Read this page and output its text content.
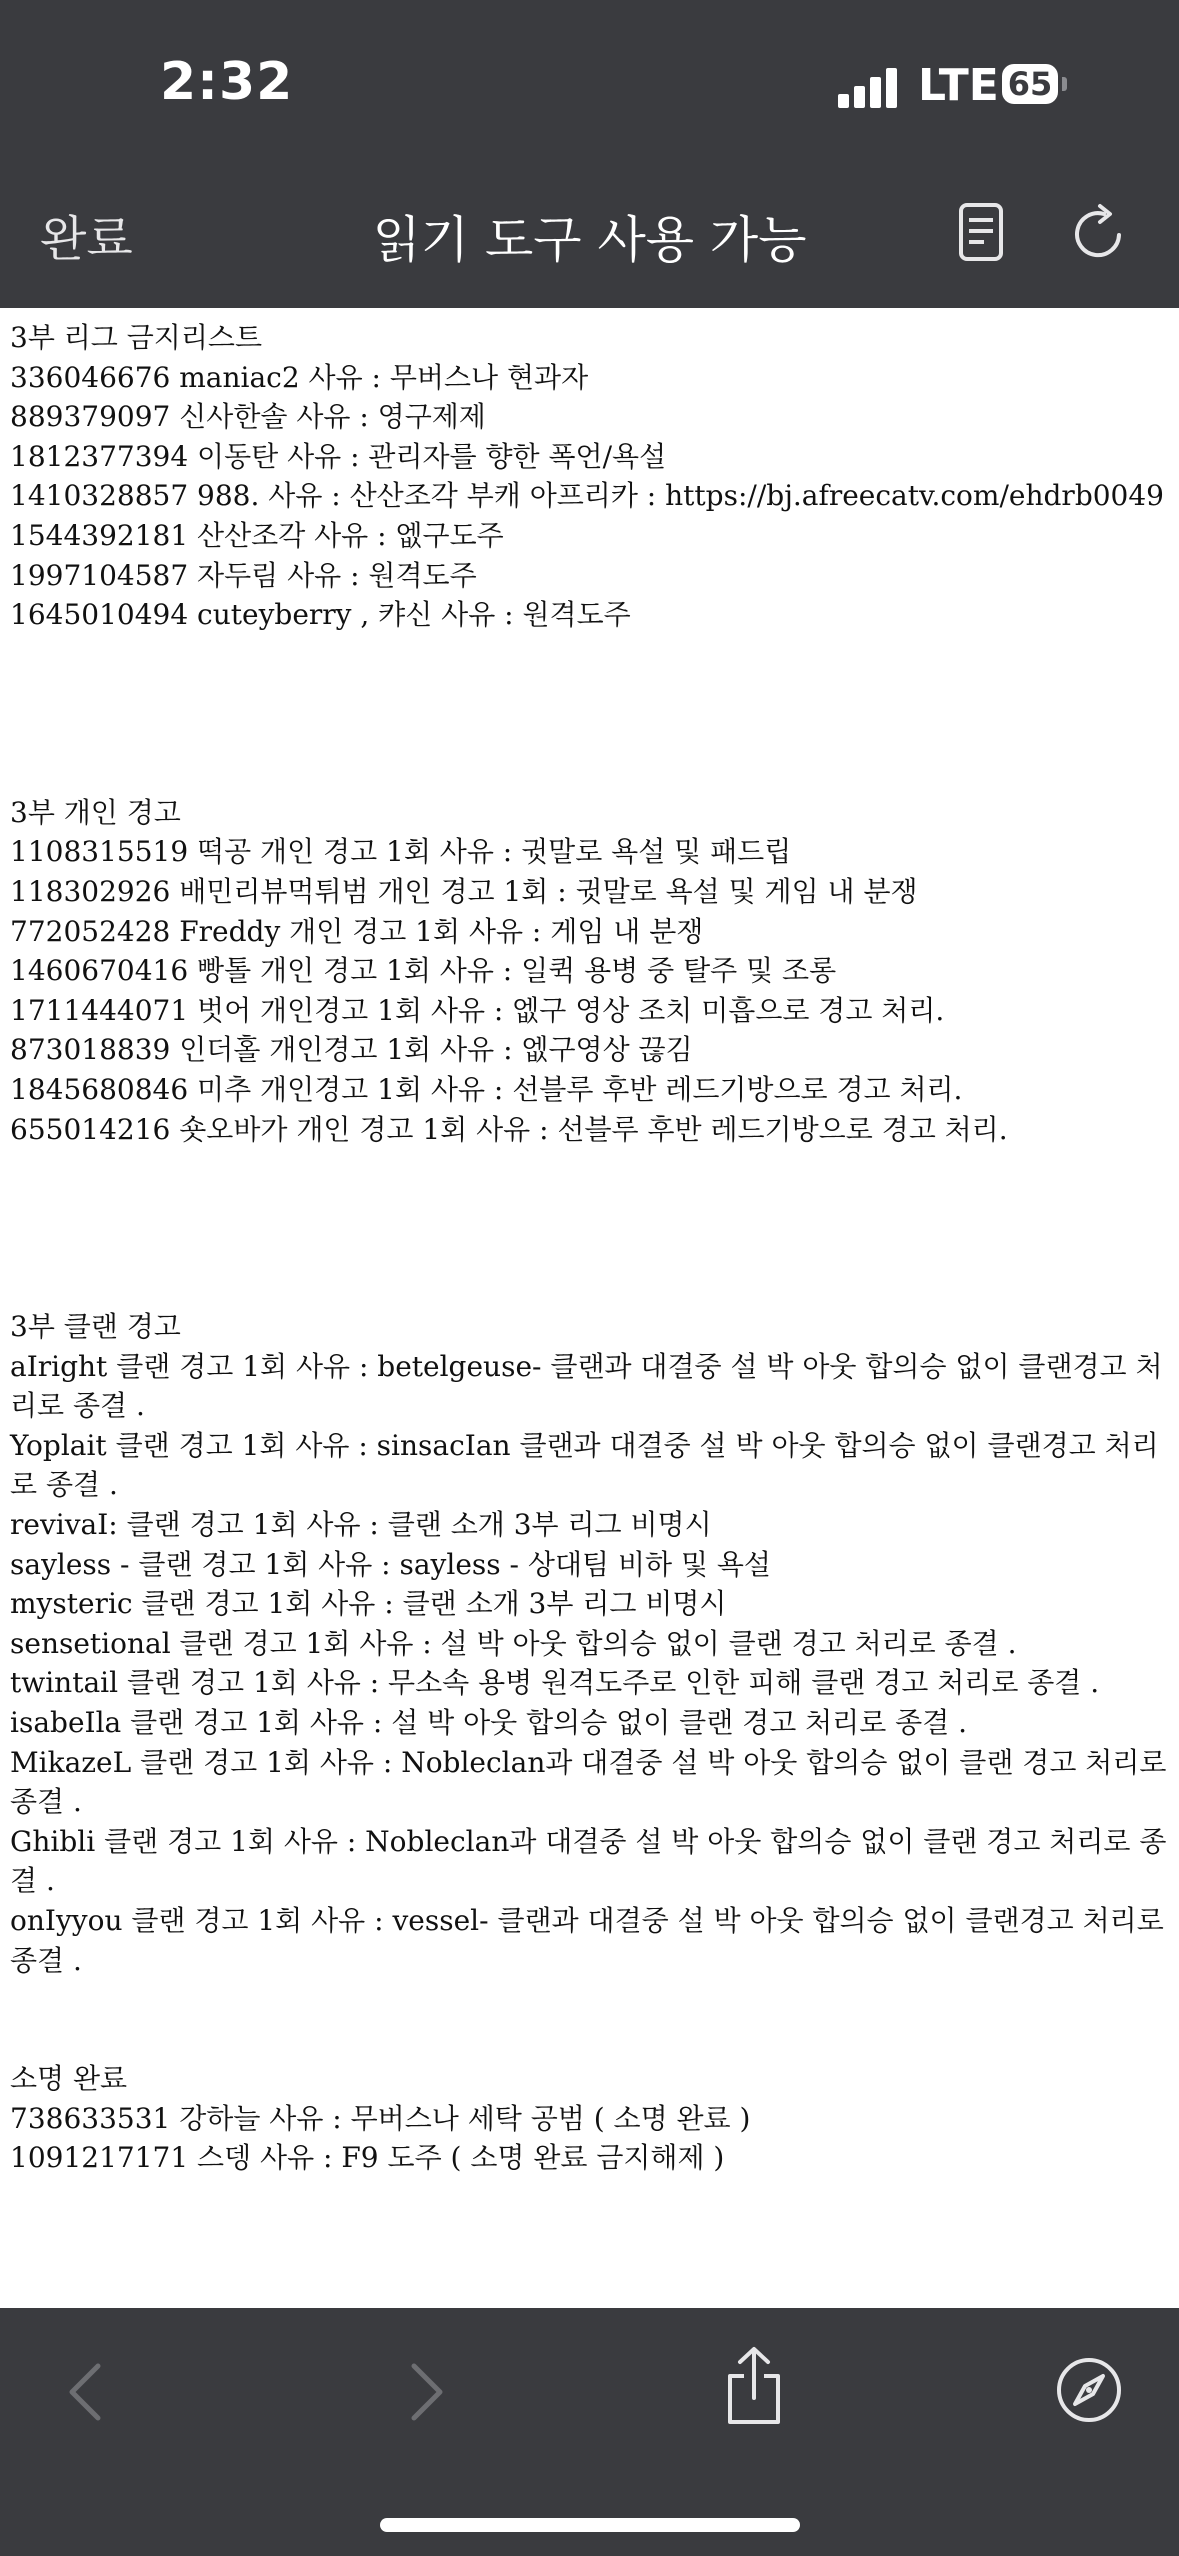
2:32	LTE 65
완료	읽기 도구 사용 가능
3부 리그 금지리스트
336046676 maniac2 사유 : 무버스나 현과자
889379097 신사한솔 사유 : 영구제제
1812377394 이동탄 사유 : 관리자를 향한 폭언/욕설
1410328857 988. 사유 : 산산조각 부캐 아프리카 : https://bj.afreecatv.com/ehdrb0049
1544392181 산산조각 사유 : 엢구도주
1997104587 자두림 사유 : 원격도주
1645010494 cuteyberry , 캬신 사유 : 원격도주
3부 개인 경고
1108315519 떡공 개인 경고 1회 사유 : 귓말로 욕설 및 패드립
118302926 배민리뷰먹튀범 개인 경고 1회 : 귓말로 욕설 및 게임 내 분쟁
772052428 Freddy 개인 경고 1회 사유 : 게임 내 분쟁
1460670416 빵톨 개인 경고 1회 사유 : 일퀵 용병 중 탈주 및 조롱
1711444071 벗어 개인경고 1회 사유 : 엢구 영상 조치 미흡으로 경고 처리.
873018839 인더홀 개인경고 1회 사유 : 엢구영상 끊김
1845680846 미추 개인경고 1회 사유 : 선블루 후반 레드기방으로 경고 처리.
655014216 숏오바가 개인 경고 1회 사유 : 선블루 후반 레드기방으로 경고 처리.
3부 클랜 경고
aIright 클랜 경고 1회 사유 : betelgeuse- 클랜과 대결중 설 박 아웃 합의승 없이 클랜경고 처리로 종결 .
Yoplait 클랜 경고 1회 사유 : sinsacIan 클랜과 대결중 설 박 아웃 합의승 없이 클랜경고 처리로 종결 .
revivaI: 클랜 경고 1회 사유 : 클랜 소개 3부 리그 비명시
sayless - 클랜 경고 1회 사유 : sayless - 상대팀 비하 및 욕설
mysteric 클랜 경고 1회 사유 : 클랜 소개 3부 리그 비명시
sensetional 클랜 경고 1회 사유 : 설 박 아웃 합의승 없이 클랜 경고 처리로 종결 .
twintail 클랜 경고 1회 사유 : 무소속 용병 원격도주로 인한 피해 클랜 경고 처리로 종결 .
isabeIla 클랜 경고 1회 사유 : 설 박 아웃 합의승 없이 클랜 경고 처리로 종결 .
MikazeL 클랜 경고 1회 사유 : Nobleclan과 대결중 설 박 아웃 합의승 없이 클랜 경고 처리로 종결 .
Ghibli 클랜 경고 1회 사유 : Nobleclan과 대결중 설 박 아웃 합의승 없이 클랜 경고 처리로 종결 .
onIyyou 클랜 경고 1회 사유 : vessel- 클랜과 대결중 설 박 아웃 합의승 없이 클랜경고 처리로 종결 .
소명 완료
738633531 강하늘 사유 : 무버스나 세탁 공범 ( 소명 완료 )
1091217171 스뎅 사유 : F9 도주 ( 소명 완료 금지해제 )
